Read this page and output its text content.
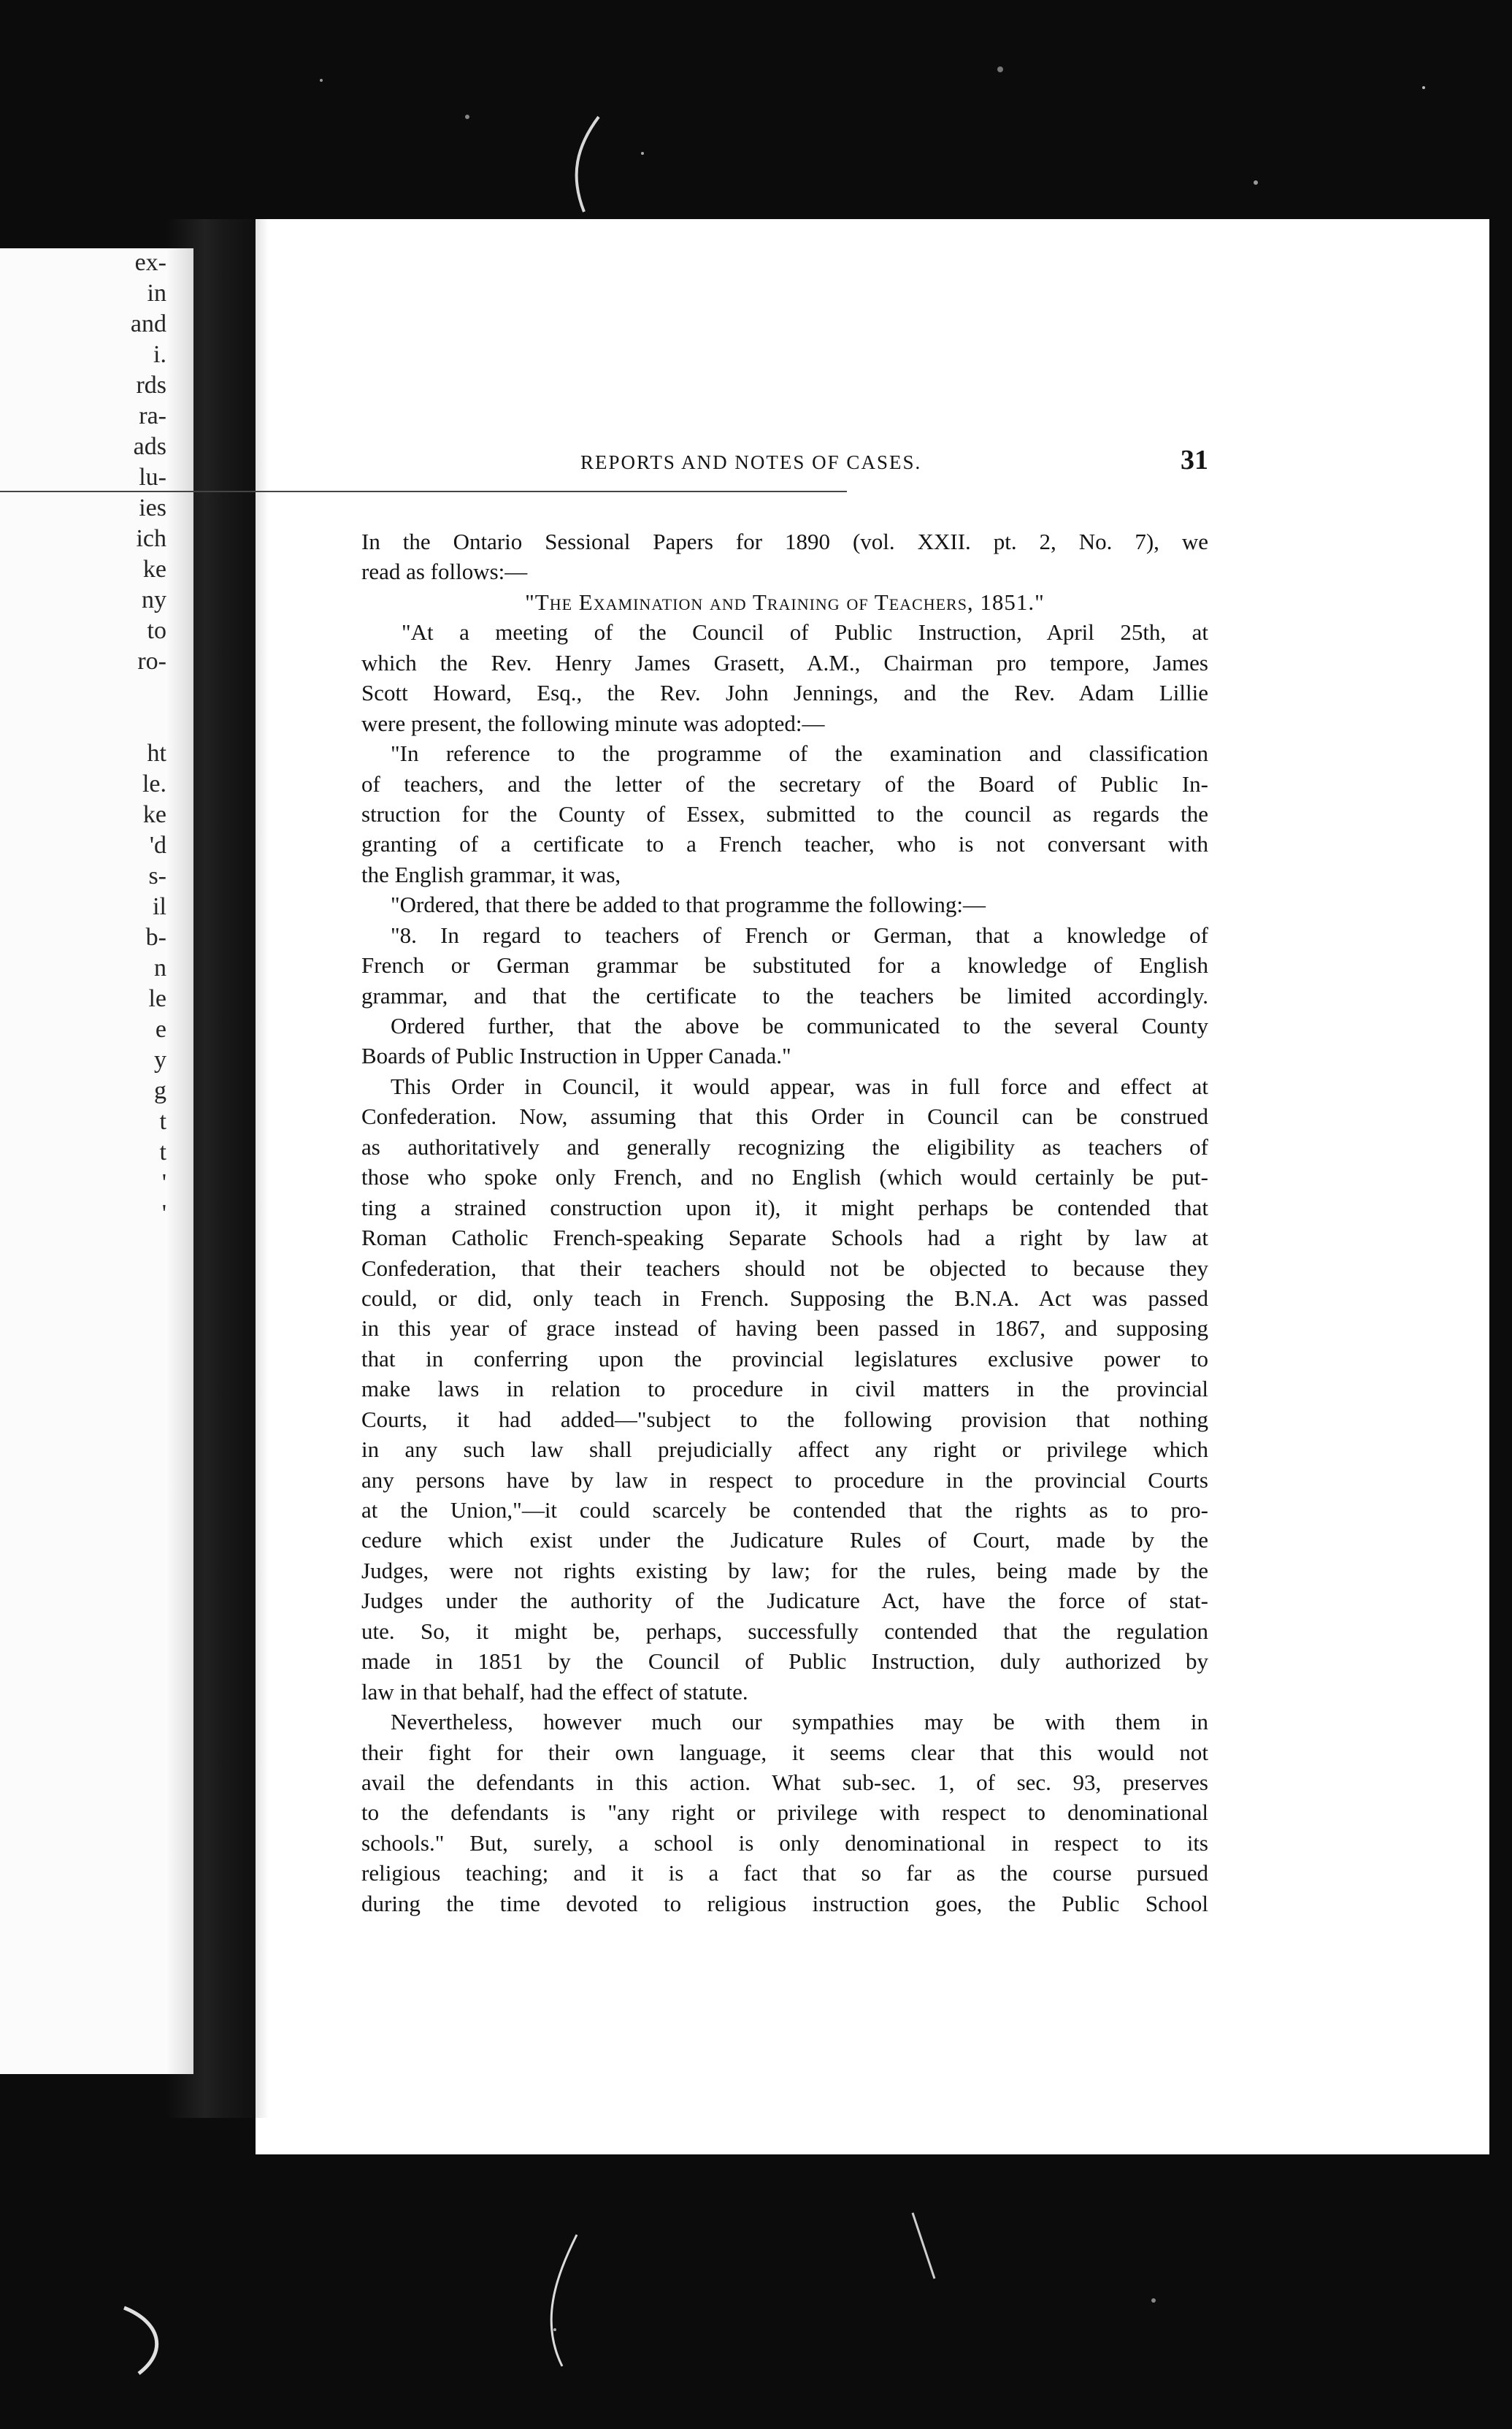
ex-
in
and
i.
rds
ra-
ads
lu-
ies
ich
ke
ny
to
ro-
ht
le.
ke
'd
s-
il
b-
n
le
e
y
g
t
t
'
'
REPORTS AND NOTES OF CASES.	31
In the Ontario Sessional Papers for 1890 (vol. XXII. pt. 2, No. 7), we
read as follows:—
"The Examination and Training of Teachers, 1851."
"At a meeting of the Council of Public Instruction, April 25th, at
which the Rev. Henry James Grasett, A.M., Chairman pro tempore, James
Scott Howard, Esq., the Rev. John Jennings, and the Rev. Adam Lillie
were present, the following minute was adopted:—
"In reference to the programme of the examination and classification
of teachers, and the letter of the secretary of the Board of Public In-
struction for the County of Essex, submitted to the council as regards the
granting of a certificate to a French teacher, who is not conversant with
the English grammar, it was,
"Ordered, that there be added to that programme the following:—
"8. In regard to teachers of French or German, that a knowledge of
French or German grammar be substituted for a knowledge of English
grammar, and that the certificate to the teachers be limited accordingly.
Ordered further, that the above be communicated to the several County
Boards of Public Instruction in Upper Canada."
This Order in Council, it would appear, was in full force and effect at
Confederation. Now, assuming that this Order in Council can be construed
as authoritatively and generally recognizing the eligibility as teachers of
those who spoke only French, and no English (which would certainly be put-
ting a strained construction upon it), it might perhaps be contended that
Roman Catholic French-speaking Separate Schools had a right by law at
Confederation, that their teachers should not be objected to because they
could, or did, only teach in French. Supposing the B.N.A. Act was passed
in this year of grace instead of having been passed in 1867, and supposing
that in conferring upon the provincial legislatures exclusive power to
make laws in relation to procedure in civil matters in the provincial
Courts, it had added—"subject to the following provision that nothing
in any such law shall prejudicially affect any right or privilege which
any persons have by law in respect to procedure in the provincial Courts
at the Union,"—it could scarcely be contended that the rights as to pro-
cedure which exist under the Judicature Rules of Court, made by the
Judges, were not rights existing by law; for the rules, being made by the
Judges under the authority of the Judicature Act, have the force of stat-
ute. So, it might be, perhaps, successfully contended that the regulation
made in 1851 by the Council of Public Instruction, duly authorized by
law in that behalf, had the effect of statute.
Nevertheless, however much our sympathies may be with them in
their fight for their own language, it seems clear that this would not
avail the defendants in this action. What sub-sec. 1, of sec. 93, preserves
to the defendants is "any right or privilege with respect to denominational
schools." But, surely, a school is only denominational in respect to its
religious teaching; and it is a fact that so far as the course pursued
during the time devoted to religious instruction goes, the Public School
